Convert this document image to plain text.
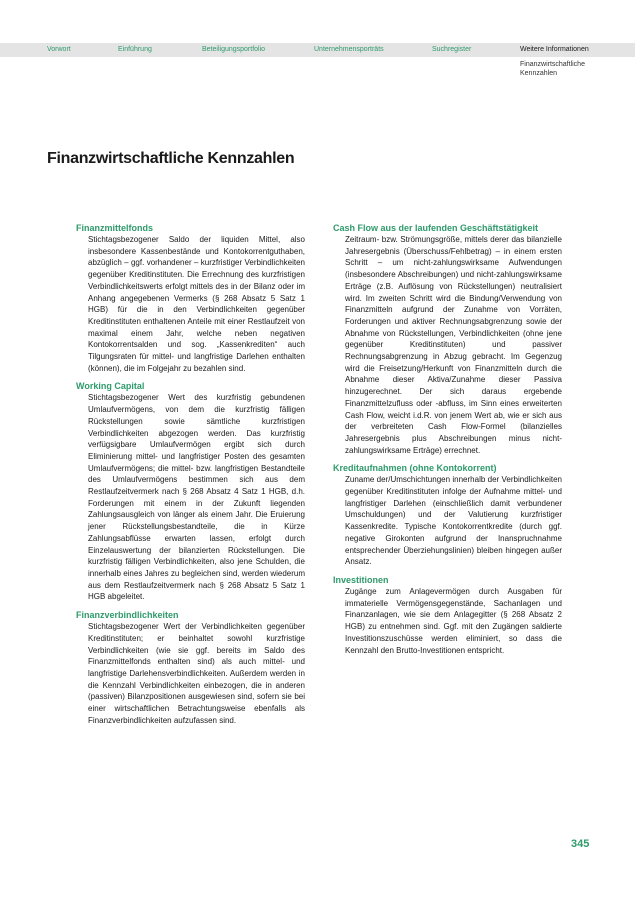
Vorwort	Einführung	Beteiligungsportfolio	Unternehmensporträts	Suchregister	Weitere Informationen
Finanzwirtschaftliche
Kennzahlen
Finanzwirtschaftliche Kennzahlen
Finanzmittelfonds

Stichtagsbezogener Saldo der liquiden Mittel, also insbesondere Kassenbestände und Kontokorrentguthaben, abzüglich – ggf. vorhandener – kurzfristiger Verbindlichkeiten gegenüber Kreditinstituten. Die Errechnung des kurzfristigen Verbindlichkeitswerts erfolgt mittels des in der Bilanz oder im Anhang angegebenen Vermerks (§ 268 Absatz 5 Satz 1 HGB) für die in den Verbindlichkeiten gegenüber Kreditinstituten enthaltenen Anteile mit einer Restlaufzeit von maximal einem Jahr, welche neben negativen Kontokorrentsalden und sog. „Kassenkrediten“ auch Tilgungsraten für mittel- und langfristige Darlehen enthalten (können), die im Folgejahr zu bezahlen sind.

Working Capital

Stichtagsbezogener Wert des kurzfristig gebundenen Umlaufvermögens, von dem die kurzfristig fälligen Rückstellungen sowie sämtliche kurzfristigen Verbindlichkeiten abgezogen werden. Das kurzfristig verfügsigbare Umlaufvermögen ergibt sich durch Eliminierung mittel- und langfristiger Posten des gesamten Umlaufvermögens; die mittel- bzw. langfristigen Bestandteile des Umlaufvermögens bestimmen sich aus dem Restlaufzeitvermerk nach § 268 Absatz 4 Satz 1 HGB, d.h. Forderungen mit einem in der Zukunft liegenden Zahlungsausgleich von länger als einem Jahr. Die Eruierung jener Rückstellungsbestandteile, die in Kürze Zahlungsabflüsse erwarten lassen, erfolgt durch Einzelauswertung der bilanzierten Rückstellungen. Die kurzfristig fälligen Verbindlichkeiten, also jene Schulden, die innerhalb eines Jahres zu begleichen sind, werden wiederum aus dem Restlaufzeitvermerk nach § 268 Absatz 5 Satz 1 HGB abgeleitet.

Finanzverbindlichkeiten

Stichtagsbezogener Wert der Verbindlichkeiten gegenüber Kreditinstituten; er beinhaltet sowohl kurzfristige Verbindlichkeiten (wie sie ggf. bereits im Saldo des Finanzmittelfonds enthalten sind) als auch mittel- und langfristige Darlehensverbindlichkeiten. Außerdem werden in die Kennzahl Verbindlichkeiten einbezogen, die in anderen (passiven) Bilanzpositionen ausgewiesen sind, sofern sie bei einer wirtschaftlichen Betrachtungsweise ebenfalls als Finanzverbindlichkeiten aufzufassen sind.

Cash Flow aus der laufenden Geschäftstätigkeit

Zeitraum- bzw. Strömungsgröße, mittels derer das bilanzielle Jahresergebnis (Überschuss/Fehlbetrag) – in einem ersten Schritt – um nicht-zahlungswirksame Aufwendungen (insbesondere Abschreibungen) und nicht-zahlungswirksame Erträge (z.B. Auflösung von Rückstellungen) neutralisiert wird. Im zweiten Schritt wird die Bindung/Verwendung von Finanzmitteln aufgrund der Zunahme von Vorräten, Forderungen und aktiver Rechnungsabgrenzung sowie der Abnahme von Rückstellungen, Verbindlichkeiten (ohne jene gegenüber Kreditinstituten) und passiver Rechnungsabgrenzung in Abzug gebracht. Im Gegenzug wird die Freisetzung/Herkunft von Finanzmitteln durch die Abnahme dieser Aktiva/Zunahme dieser Passiva hinzugerechnet. Der sich daraus ergebende Finanzmittelzufluss oder -abfluss, im Sinn eines erweiterten Cash Flow, weicht i.d.R. von jenem Wert ab, wie er sich aus der verbreiteten Cash Flow-Formel (bilanzielles Jahresergebnis plus Abschreibungen minus nicht-zahlungswirksame Erträge) errechnet.

Kreditaufnahmen (ohne Kontokorrent)

Zuname der/Umschichtungen innerhalb der Verbindlichkeiten gegenüber Kreditinstituten infolge der Aufnahme mittel- und langfristiger Darlehen (einschließlich damit verbundener Umschuldungen) und der Valutierung kurzfristiger Kassenkredite. Typische Kontokorrentkredite (durch ggf. negative Girokonten aufgrund der Inanspruchnahme entsprechender Überziehungslinien) bleiben hingegen außer Ansatz.

Investitionen

Zugänge zum Anlagevermögen durch Ausgaben für immaterielle Vermögensgegenstände, Sachanlagen und Finanzanlagen, wie sie dem Anlagegitter (§ 268 Absatz 2 HGB) zu entnehmen sind. Ggf. mit den Zugängen saldierte Investitionszuschüsse werden eliminiert, so dass die Kennzahl den Brutto-Investitionen entspricht.

345
